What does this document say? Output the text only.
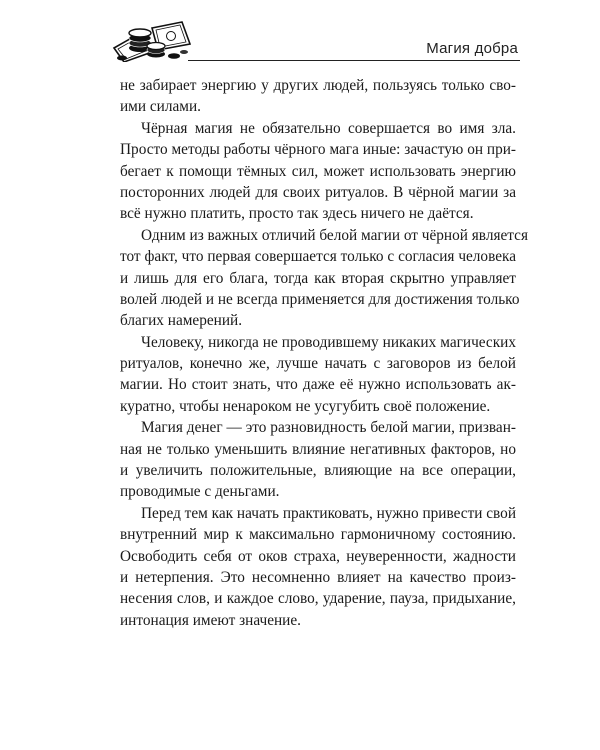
Магия добра
не забирает энергию у других людей, пользуясь только сво-
ими силами.
Чёрная магия не обязательно совершается во имя зла.
Просто методы работы чёрного мага иные: зачастую он при-
бегает к помощи тёмных сил, может использовать энергию
посторонних людей для своих ритуалов. В чёрной магии за
всё нужно платить, просто так здесь ничего не даётся.
Одним из важных отличий белой магии от чёрной является
тот факт, что первая совершается только с согласия человека
и лишь для его блага, тогда как вторая скрытно управляет
волей людей и не всегда применяется для достижения только
благих намерений.
Человеку, никогда не проводившему никаких магических
ритуалов, конечно же, лучше начать с заговоров из белой
магии. Но стоит знать, что даже её нужно использовать ак-
куратно, чтобы ненароком не усугубить своё положение.
Магия денег — это разновидность белой магии, призван-
ная не только уменьшить влияние негативных факторов, но
и увеличить положительные, влияющие на все операции,
проводимые с деньгами.
Перед тем как начать практиковать, нужно привести свой
внутренний мир к максимально гармоничному состоянию.
Освободить себя от оков страха, неуверенности, жадности
и нетерпения. Это несомненно влияет на качество произ-
несения слов, и каждое слово, ударение, пауза, придыхание,
интонация имеют значение.
